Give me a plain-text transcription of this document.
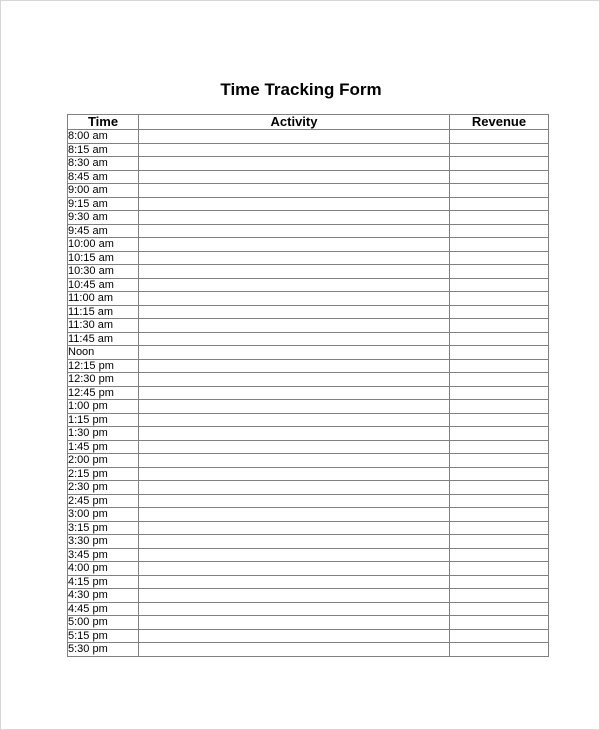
Time Tracking Form
Time	Activity	Revenue
8:00 am		
8:15 am		
8:30 am		
8:45 am		
9:00 am		
9:15 am		
9:30 am		
9:45 am		
10:00 am		
10:15 am		
10:30 am		
10:45 am		
11:00 am		
11:15 am		
11:30 am		
11:45 am		
Noon		
12:15 pm		
12:30 pm		
12:45 pm		
1:00 pm		
1:15 pm		
1:30 pm		
1:45 pm		
2:00 pm		
2:15 pm		
2:30 pm		
2:45 pm		
3:00 pm		
3:15 pm		
3:30 pm		
3:45 pm		
4:00 pm		
4:15 pm		
4:30 pm		
4:45 pm		
5:00 pm		
5:15 pm		
5:30 pm		
